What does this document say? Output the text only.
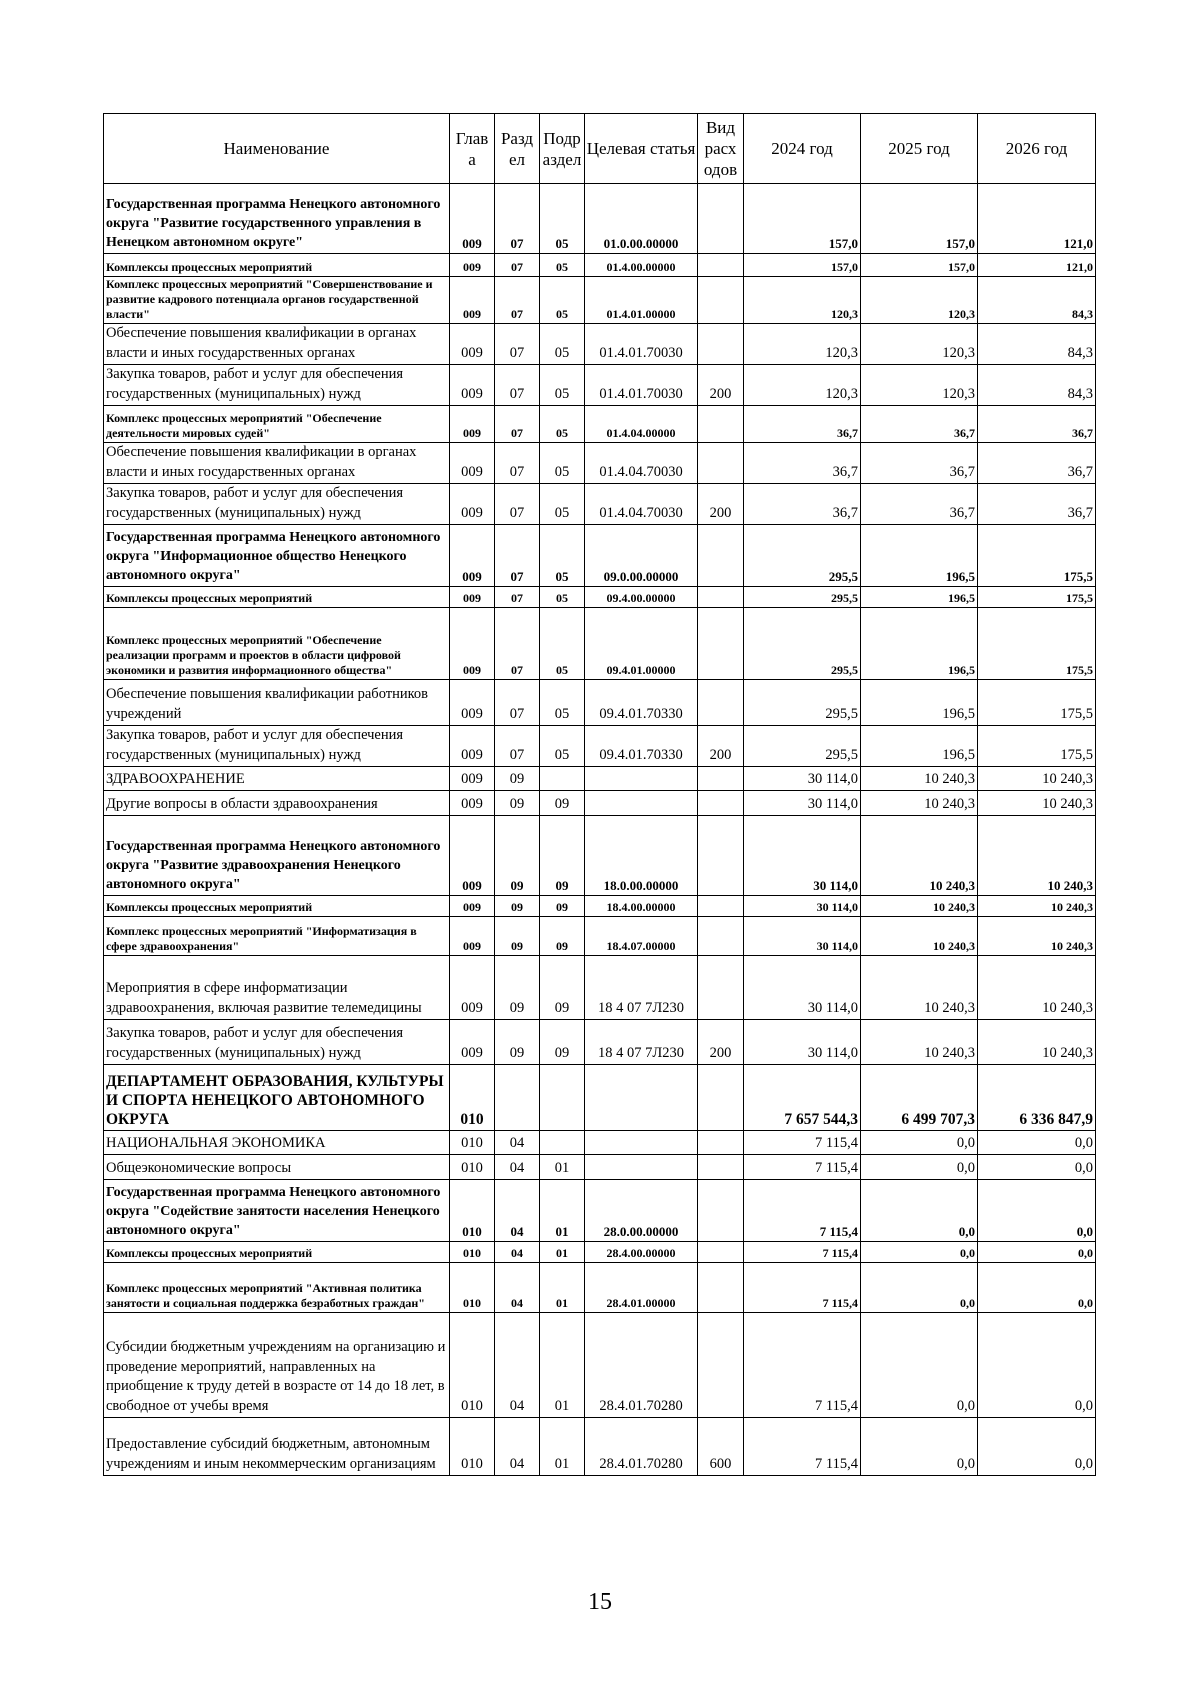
Наименование	Глав а	Разд ел	Подр аздел	Целевая статья	Вид расх одов	2024 год	2025 год	2026 год
Государственная программа Ненецкого автономного округа "Развитие государственного управления в Ненецком автономном округе"	009	07	05	01.0.00.00000		157,0	157,0	121,0
Комплексы процессных мероприятий	009	07	05	01.4.00.00000		157,0	157,0	121,0
Комплекс процессных мероприятий "Совершенствование и развитие кадрового потенциала органов государственной власти"	009	07	05	01.4.01.00000		120,3	120,3	84,3
Обеспечение повышения квалификации в органах власти и иных государственных органах	009	07	05	01.4.01.70030		120,3	120,3	84,3
Закупка товаров, работ и услуг для обеспечения государственных (муниципальных) нужд	009	07	05	01.4.01.70030	200	120,3	120,3	84,3
Комплекс процессных мероприятий "Обеспечение деятельности мировых судей"	009	07	05	01.4.04.00000		36,7	36,7	36,7
Обеспечение повышения квалификации в органах власти и иных государственных органах	009	07	05	01.4.04.70030		36,7	36,7	36,7
Закупка товаров, работ и услуг для обеспечения государственных (муниципальных) нужд	009	07	05	01.4.04.70030	200	36,7	36,7	36,7
Государственная программа Ненецкого автономного округа "Информационное общество Ненецкого автономного округа"	009	07	05	09.0.00.00000		295,5	196,5	175,5
Комплексы процессных мероприятий	009	07	05	09.4.00.00000		295,5	196,5	175,5
Комплекс процессных мероприятий "Обеспечение реализации программ и проектов в области цифровой экономики и развития информационного общества"	009	07	05	09.4.01.00000		295,5	196,5	175,5
Обеспечение повышения квалификации работников учреждений	009	07	05	09.4.01.70330		295,5	196,5	175,5
Закупка товаров, работ и услуг для обеспечения государственных (муниципальных) нужд	009	07	05	09.4.01.70330	200	295,5	196,5	175,5
ЗДРАВООХРАНЕНИЕ	009	09				30 114,0	10 240,3	10 240,3
Другие вопросы в области здравоохранения	009	09	09			30 114,0	10 240,3	10 240,3
Государственная программа Ненецкого автономного округа "Развитие здравоохранения Ненецкого автономного округа"	009	09	09	18.0.00.00000		30 114,0	10 240,3	10 240,3
Комплексы процессных мероприятий	009	09	09	18.4.00.00000		30 114,0	10 240,3	10 240,3
Комплекс процессных мероприятий "Информатизация в сфере здравоохранения"	009	09	09	18.4.07.00000		30 114,0	10 240,3	10 240,3
Мероприятия в сфере информатизации здравоохранения, включая развитие телемедицины	009	09	09	18 4 07 7Л230		30 114,0	10 240,3	10 240,3
Закупка товаров, работ и услуг для обеспечения государственных (муниципальных) нужд	009	09	09	18 4 07 7Л230	200	30 114,0	10 240,3	10 240,3
ДЕПАРТАМЕНТ ОБРАЗОВАНИЯ, КУЛЬТУРЫ И СПОРТА НЕНЕЦКОГО АВТОНОМНОГО ОКРУГА	010					7 657 544,3	6 499 707,3	6 336 847,9
НАЦИОНАЛЬНАЯ ЭКОНОМИКА	010	04				7 115,4	0,0	0,0
Общеэкономические вопросы	010	04	01			7 115,4	0,0	0,0
Государственная программа Ненецкого автономного округа "Содействие занятости населения Ненецкого автономного округа"	010	04	01	28.0.00.00000		7 115,4	0,0	0,0
Комплексы процессных мероприятий	010	04	01	28.4.00.00000		7 115,4	0,0	0,0
Комплекс процессных мероприятий "Активная политика занятости и социальная поддержка безработных граждан"	010	04	01	28.4.01.00000		7 115,4	0,0	0,0
Субсидии бюджетным учреждениям на организацию и проведение мероприятий, направленных на приобщение к труду детей в возрасте от 14 до 18 лет, в свободное от учебы время	010	04	01	28.4.01.70280		7 115,4	0,0	0,0
Предоставление субсидий бюджетным, автономным учреждениям и иным некоммерческим организациям	010	04	01	28.4.01.70280	600	7 115,4	0,0	0,0
15
